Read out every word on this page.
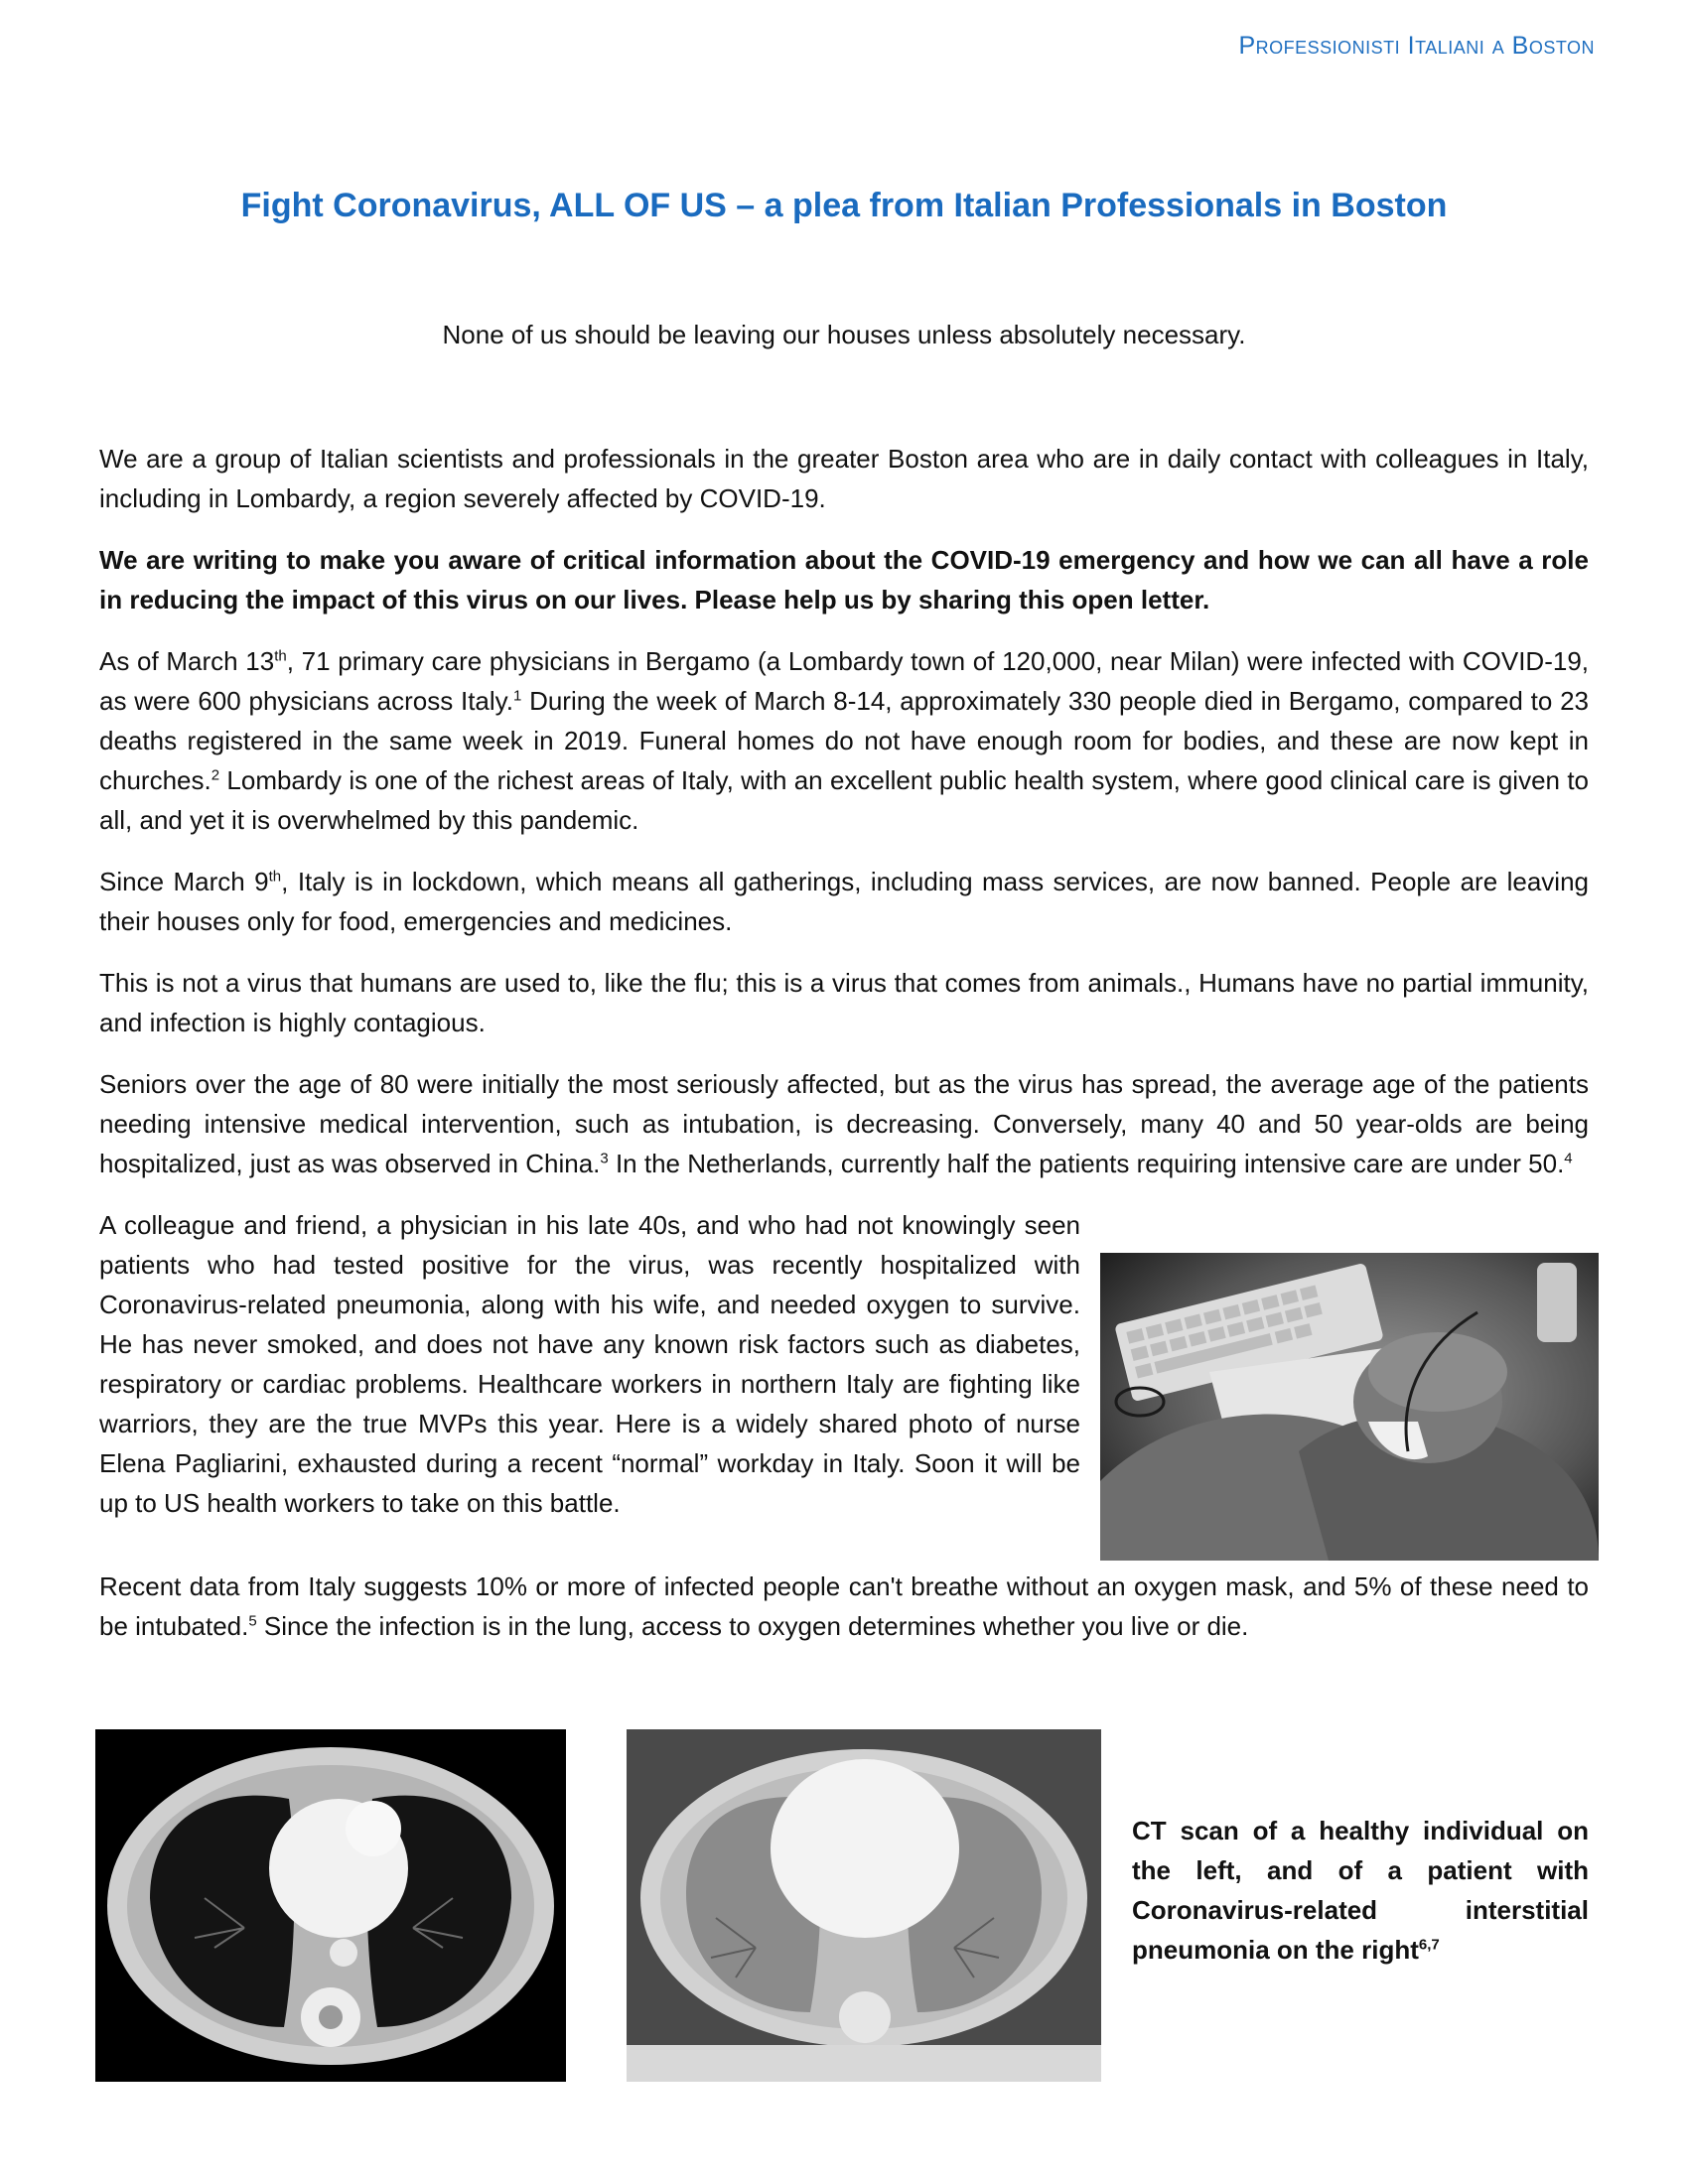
Professionisti Italiani a Boston
Fight Coronavirus, ALL OF US – a plea from Italian Professionals in Boston
None of us should be leaving our houses unless absolutely necessary.

We are a group of Italian scientists and professionals in the greater Boston area who are in daily contact with colleagues in Italy, including in Lombardy, a region severely affected by COVID-19.

We are writing to make you aware of critical information about the COVID-19 emergency and how we can all have a role in reducing the impact of this virus on our lives. Please help us by sharing this open letter.

As of March 13th, 71 primary care physicians in Bergamo (a Lombardy town of 120,000, near Milan) were infected with COVID-19, as were 600 physicians across Italy.$^1$ During the week of March 8-14, approximately 330 people died in Bergamo, compared to 23 deaths registered in the same week in 2019. Funeral homes do not have enough room for bodies, and these are now kept in churches.$^2$ Lombardy is one of the richest areas of Italy, with an excellent public health system, where good clinical care is given to all, and yet it is overwhelmed by this pandemic.

Since March 9th, Italy is in lockdown, which means all gatherings, including mass services, are now banned. People are leaving their houses only for food, emergencies and medicines.

This is not a virus that humans are used to, like the flu; this is a virus that comes from animals., Humans have no partial immunity, and infection is highly contagious.

Seniors over the age of 80 were initially the most seriously affected, but as the virus has spread, the average age of the patients needing intensive medical intervention, such as intubation, is decreasing. Conversely, many 40 and 50 year-olds are being hospitalized, just as was observed in China.$^3$ In the Netherlands, currently half the patients requiring intensive care are under 50.$^4$

A colleague and friend, a physician in his late 40s, and who had not knowingly seen patients who had tested positive for the virus, was recently hospitalized with Coronavirus-related pneumonia, along with his wife, and needed oxygen to survive. He has never smoked, and does not have any known risk factors such as diabetes, respiratory or cardiac problems. Healthcare workers in northern Italy are fighting like warriors, they are the true MVPs this year. Here is a widely shared photo of nurse Elena Pagliarini, exhausted during a recent “normal” workday in Italy. Soon it will be up to US health workers to take on this battle.

Recent data from Italy suggests 10% or more of infected people can't breathe without an oxygen mask, and 5% of these need to be intubated.$^5$ Since the infection is in the lung, access to oxygen determines whether you live or die.

CT scan of a healthy individual on the left, and of a patient with Coronavirus-related interstitial pneumonia on the right$^{6,7}$
